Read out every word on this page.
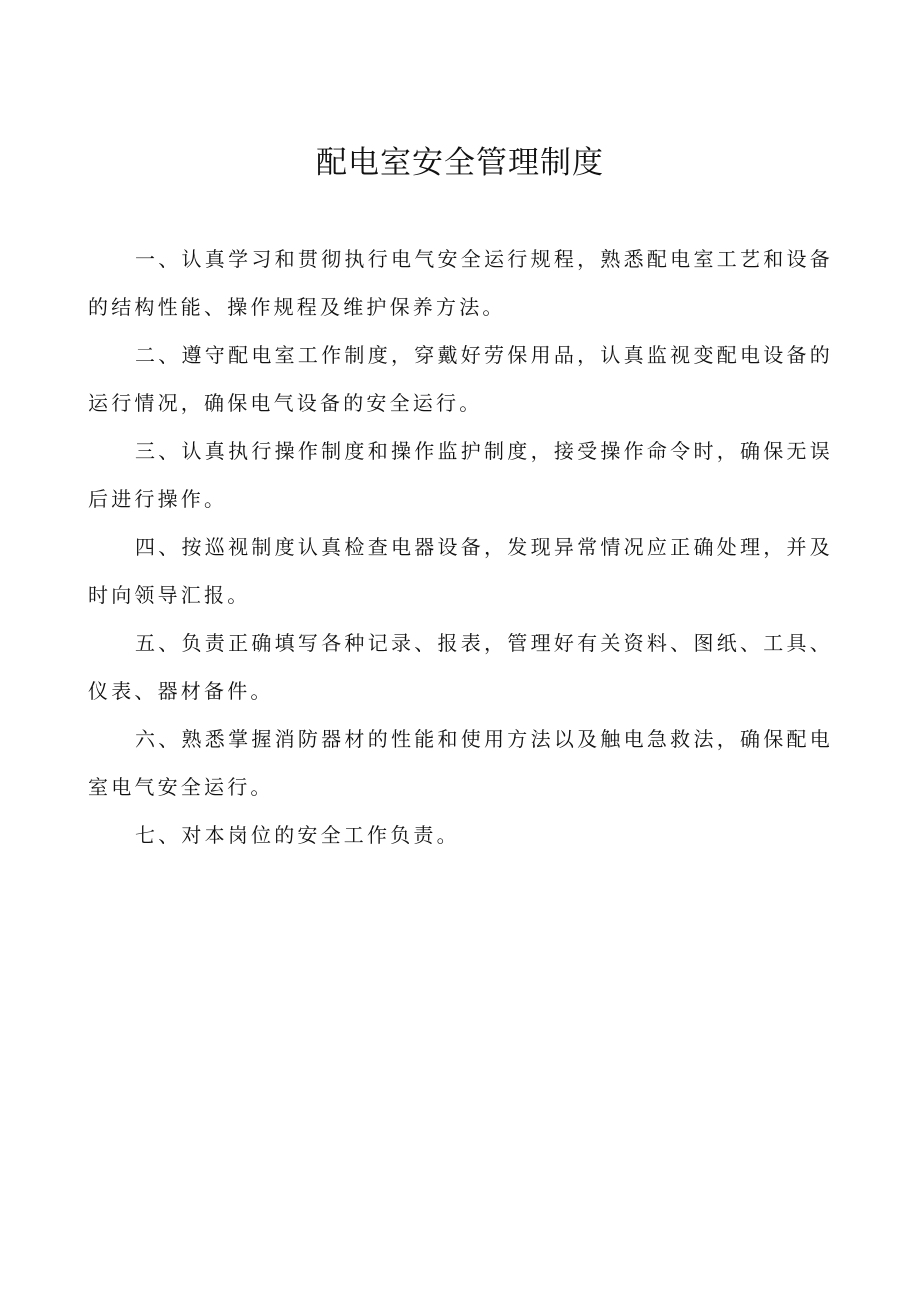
配电室安全管理制度

一、认真学习和贯彻执行电气安全运行规程，熟悉配电室工艺和设备的结构性能、操作规程及维护保养方法。

二、遵守配电室工作制度，穿戴好劳保用品，认真监视变配电设备的运行情况，确保电气设备的安全运行。

三、认真执行操作制度和操作监护制度，接受操作命令时，确保无误后进行操作。

四、按巡视制度认真检查电器设备，发现异常情况应正确处理，并及时向领导汇报。

五、负责正确填写各种记录、报表，管理好有关资料、图纸、工具、仪表、器材备件。

六、熟悉掌握消防器材的性能和使用方法以及触电急救法，确保配电室电气安全运行。

七、对本岗位的安全工作负责。
